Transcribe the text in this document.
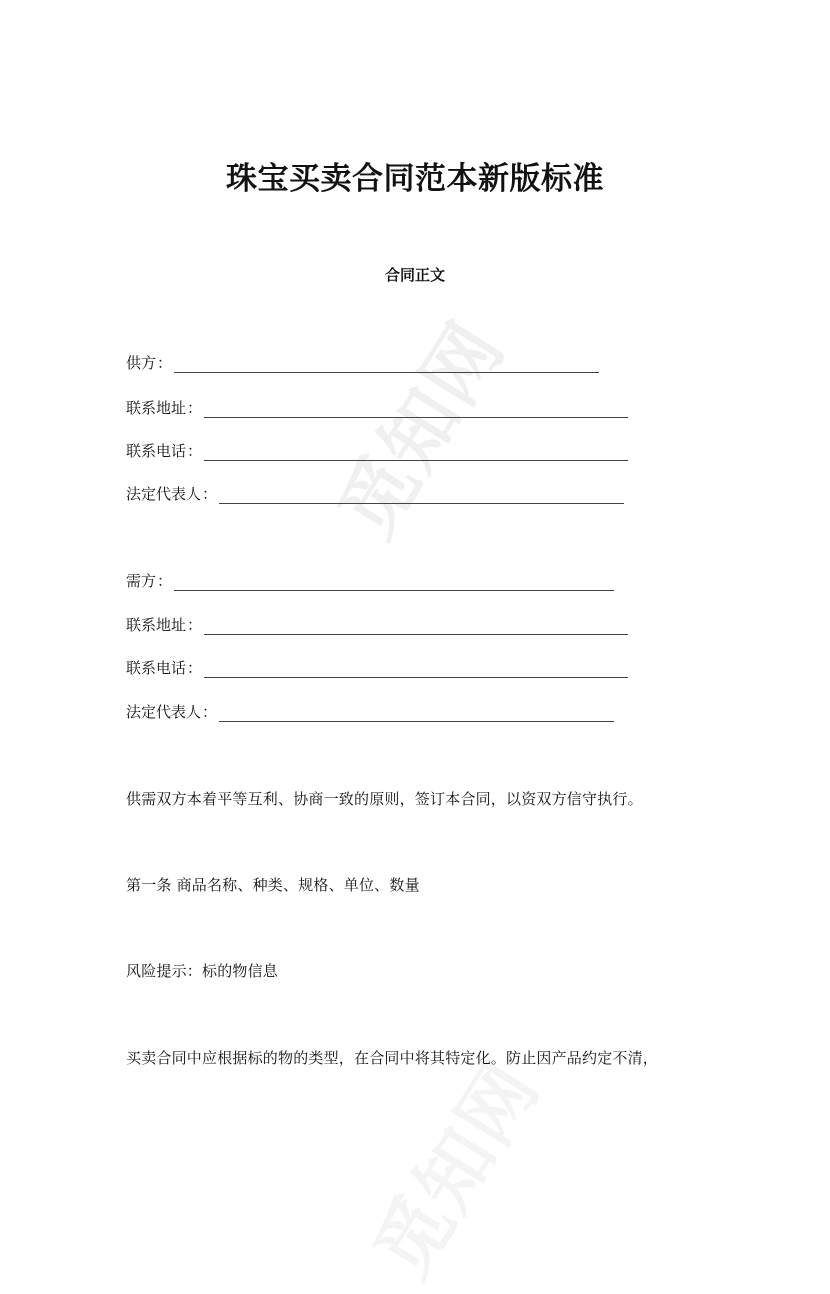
觅知网
珠宝买卖合同范本新版标准
合同正文
供方 ：
联系地址 ：
联系电话 ：
法定代表人 ：
需方 ：
联系地址 ：
联系电话 ：
法定代表人 ：
供需双方本着平等互利、协商一致的原则，签订本合同，以资双方信守执行。
第一条 商品名称、种类、规格、单位、数量
风险提示：标的物信息
买卖合同中应根据标的物的类型，在合同中将其特定化。防止因产品约定不清，
